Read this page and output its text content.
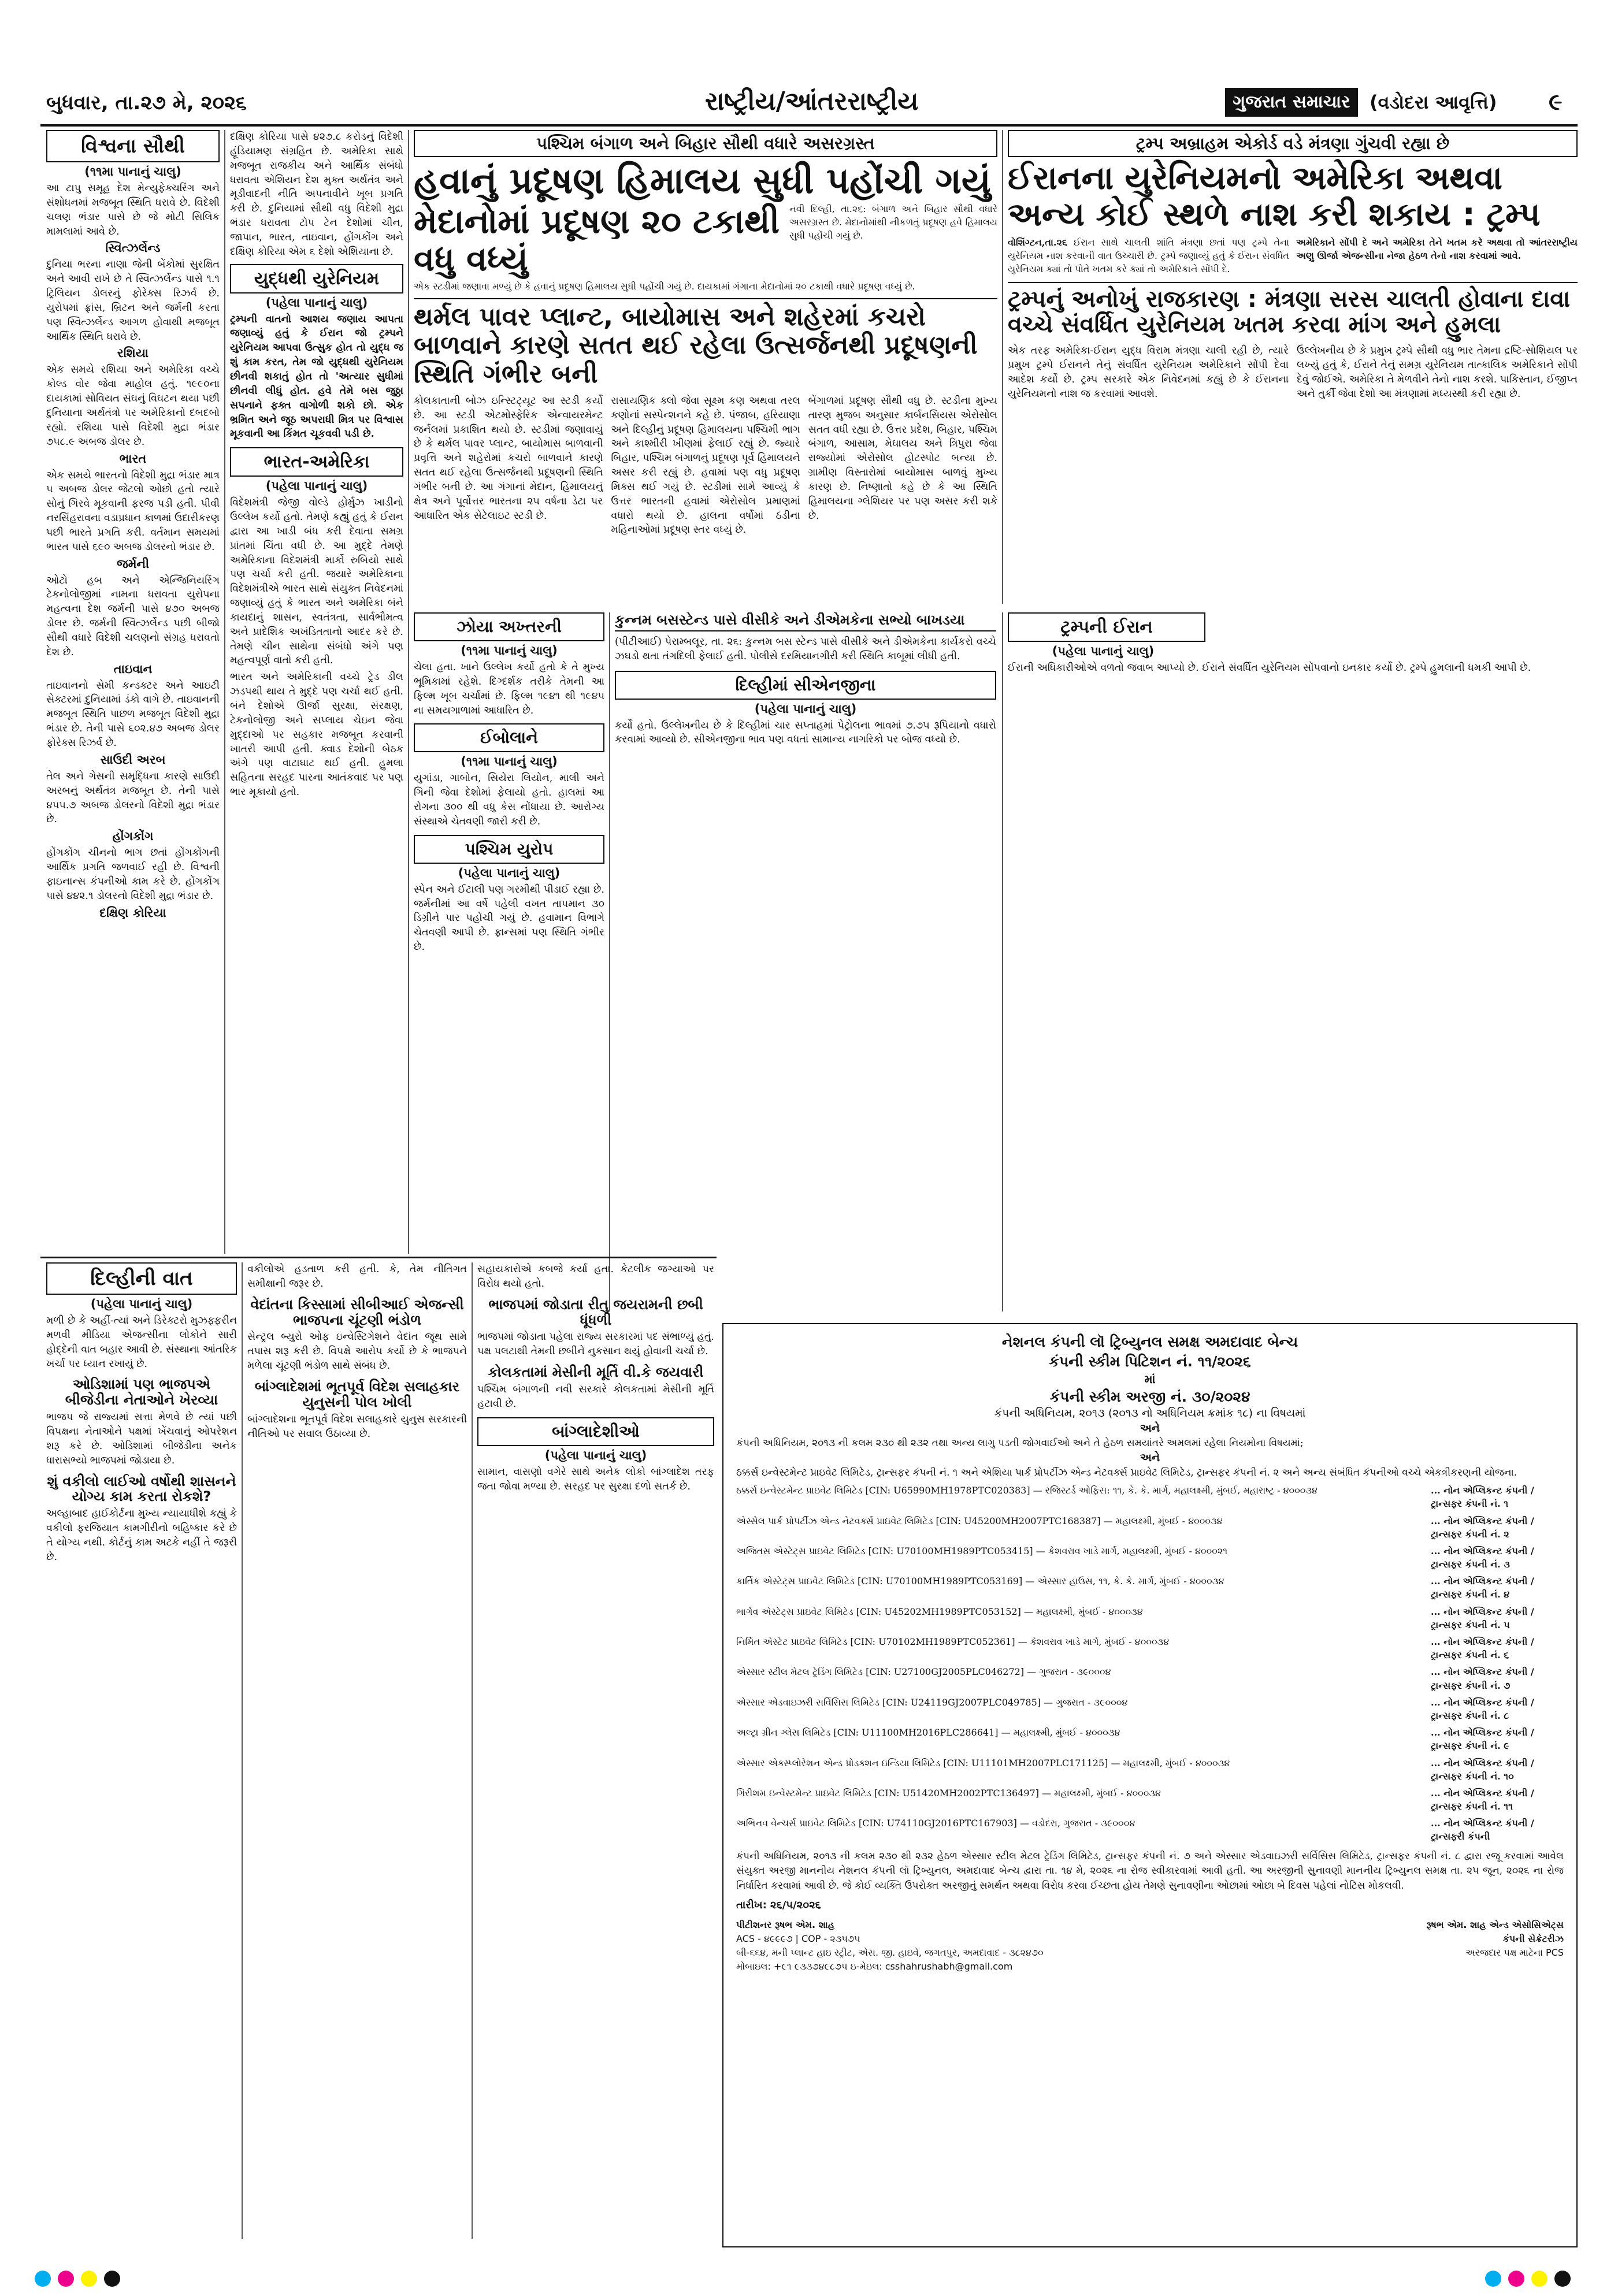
બુધવાર, તા.૨૭ મે, ૨૦૨૬	રાષ્ટ્રીય/આંતરરાષ્ટ્રીય	ગુજરાત સમાચાર	(વડોદરા આવૃત્તિ) ૯
વિશ્વના સૌથી
(૧૧મા પાનાનું ચાલુ)

આ ટાપુ સમૂહ દેશ મેન્યુફેક્ચરિંગ અને સંશોધનમાં મજબૂત સ્થિતિ ધરાવે છે. વિદેશી ચલણ ભંડાર પાસે છે જે મોટી સિલિક મામલામાં આવે છે.

સ્વિત્ઝર્લેન્ડ

દુનિયા ભરના નાણા જેની બેંકોમાં સુરક્ષિત અને આવી રાખે છે તે સ્વિત્ઝર્લેન્ડ પાસે ૧.૧ ટ્રિલિયન ડોલરનું ફોરેક્સ રિઝર્વ છે. યુરોપમાં ફ્રાંસ, બ્રિટન અને જર્મની કરતા પણ સ્વિત્ઝર્લેન્ડ આગળ હોવાથી મજબૂત આર્થિક સ્થિતિ ધરાવે છે.

રશિયા

એક સમયે રશિયા અને અમેરિકા વચ્ચે કોલ્ડ વોર જેવા માહોલ હતું. ૧૯૯૦ના દાયકામાં સોવિયત સંઘનું વિઘટન થયા પછી દુનિયાના અર્થતંત્રો પર અમેરિકાનો દબદબો રહ્યો. રશિયા પાસે વિદેશી મુદ્રા ભંડાર ૭૫૮.૯ અબજ ડોલર છે.

ભારત

એક સમયે ભારતનો વિદેશી મુદ્રા ભંડાર માત્ર ૫ અબજ ડોલર જેટલો ઓછો હતો ત્યારે સોનું ગિરવે મૂકવાની ફરજ પડી હતી. પીવી નરસિંહરાવના વડાપ્રધાન કાળમાં ઉદારીકરણ પછી ભારતે પ્રગતિ કરી. વર્તમાન સમયમાં ભારત પાસે ૬૯૦ અબજ ડોલરનો ભંડાર છે.

જર્મની

ઓટો હબ અને એન્જિનિયરિંગ ટેકનોલોજીમાં નામના ધરાવતા યુરોપના મહત્વના દેશ જર્મની પાસે ૪૭૦ અબજ ડોલર છે. જર્મની સ્વિત્ઝર્લેન્ડ પછી બીજો સૌથી વધારે વિદેશી ચલણનો સંગ્રહ ધરાવતો દેશ છે.

તાઇવાન

તાઇવાનનો સેમી કન્ડક્ટર અને આઇટી સેક્ટરમાં દુનિયામાં ડંકો વાગે છે. તાઇવાનની મજબૂત સ્થિતિ પાછળ મજબૂત વિદેશી મુદ્રા ભંડાર છે. તેની પાસે ૬૦૨.૪૭ અબજ ડોલર ફોરેક્સ રિઝર્વ છે.

સાઉદી અરબ

તેલ અને ગેસની સમૃદ્ધિના કારણે સાઉદી અરબનું અર્થતંત્ર મજબૂત છે. તેની પાસે ૪૫૫.૭ અબજ ડોલરનો વિદેશી મુદ્રા ભંડાર છે.

હોંગકોંગ

હોંગકોંગ ચીનનો ભાગ છતાં હોંગકોંગની આર્થિક પ્રગતિ જળવાઈ રહી છે. વિશ્વની ફાઇનાન્સ કંપનીઓ કામ કરે છે. હોંગકોંગ પાસે ૪૪૨.૧ ડોલરનો વિદેશી મુદ્રા ભંડાર છે.

દક્ષિણ કોરિયા

દક્ષિણ કોરિયા પાસે ૪૨૭.૮ કરોડનું વિદેશી હૂંડિયામણ સંગ્રહિત છે. અમેરિકા સાથે મજબૂત રાજકીય અને આર્થિક સંબંધો ધરાવતા એશિયન દેશ મુક્ત અર્થતંત્ર અને મૂડીવાદની નીતિ અપનાવીને ખૂબ પ્રગતિ કરી છે. દુનિયામાં સૌથી વધુ વિદેશી મુદ્રા ભંડાર ધરાવતા ટોપ ટેન દેશોમાં ચીન, જાપાન, ભારત, તાઇવાન, હોંગકોંગ અને દક્ષિણ કોરિયા એમ ૬ દેશો એશિયાના છે.

યુદ્ધથી યુરેનિયમ
(પહેલા પાનાનું ચાલુ)

ટ્રમ્પની વાતનો આશય જણાય આપતા જણાવ્યું હતું કે ઈરાન જો ટ્રમ્પને યુરેનિયમ આપવા ઉત્સુક હોત તો યુદ્ધ જ શું કામ કરત, તેમ જો યુદ્ધથી યુરેનિયમ છીનવી શકાતું હોત તો 'અત્યાર સુધીમાં છીનવી લીધું હોત. હવે તેમે બસ જુઠ્ઠા સપનાને ફક્ત વાગોળી શકો છો. એક ભ્રમિત અને જૂઠ અપરાધી મિત્ર પર વિશ્વાસ મૂકવાની આ કિંમત ચૂકવવી પડી છે.

ભારત-અમેરિકા
(પહેલા પાનાનું ચાલુ)

વિદેશમંત્રી જેજી વોલ્ડે હોર્મુઝ ખાડીનો ઉલ્લેખ કર્યો હતો. તેમણે કહ્યું હતું કે ઈરાન દ્વારા આ ખાડી બંધ કરી દેવાતા સમગ્ર પ્રાંતમાં ચિંતા વધી છે. આ મુદ્દે તેમણે અમેરિકાના વિદેશમંત્રી માર્કો રુબિયો સાથે પણ ચર્ચા કરી હતી. જયારે અમેરિકાના વિદેશમંત્રીએ ભારત સાથે સંયુક્ત નિવેદનમાં જણાવ્યું હતું કે ભારત અને અમેરિકા બંને કાયદાનું શાસન, સ્વતંત્રતા, સાર્વભૌમત્વ અને પ્રાદેશિક અખંડિતતાનો આદર કરે છે. તેમણે ચીન સાથેના સંબંધો અંગે પણ મહત્વપૂર્ણ વાતો કરી હતી.

ભારત અને અમેરિકાની વચ્ચે ટ્રેડ ડીલ ઝડપથી થાય તે મુદ્દે પણ ચર્ચા થઈ હતી. બંને દેશોએ ઊર્જા સુરક્ષા, સંરક્ષણ, ટેકનોલોજી અને સપ્લાય ચેઇન જેવા મુદ્દાઓ પર સહકાર મજબૂત કરવાની ખાતરી આપી હતી. ક્વાડ દેશોની બેઠક અંગે પણ વાટાઘાટ થઈ હતી. હુમલા સહિતના સરહદ પારના આતંકવાદ પર પણ ભાર મૂકાયો હતો.

પશ્ચિમ બંગાળ અને બિહાર સૌથી વધારે અસરગ્રસ્ત
હવાનું પ્રદૂષણ હિમાલય સુધી પહોંચી ગયું
મેદાનોમાં પ્રદૂષણ ૨૦ ટકાથી વધુ વધ્યું
નવી દિલ્હી, તા.૨૬: બંગાળ અને બિહાર સૌથી વધારે અસરગ્રસ્ત છે. મેદાનોમાંથી નીકળતું પ્રદૂષણ હવે હિમાલય સુધી પહોંચી ગયું છે.
એક સ્ટડીમાં જણાવા મળ્યું છે કે હવાનું પ્રદૂષણ હિમાલય સુધી પહોંચી ગયું છે. દાયકામાં ગંગાના મેદાનોમાં ૨૦ ટકાથી વધારે પ્રદૂષણ વધ્યું છે.
થર્મલ પાવર પ્લાન્ટ, બાયોમાસ અને શહેરમાં કચરો બાળવાને કારણે સતત થઈ રહેલા ઉત્સર્જનથી પ્રદૂષણની સ્થિતિ ગંભીર બની

કોલકાતાની બોઝ ઇન્સ્ટિટ્યૂટ આ સ્ટડી કર્યો છે. આ સ્ટડી એટમોસ્ફેરિક એન્વાયરમેન્ટ જર્નલમાં પ્રકાશિત થયો છે. સ્ટડીમાં જણાવાયું છે કે થર્મલ પાવર પ્લાન્ટ, બાયોમાસ બાળવાની પ્રવૃત્તિ અને શહેરોમાં કચરો બાળવાને કારણે સતત થઈ રહેલા ઉત્સર્જનથી પ્રદૂષણની સ્થિતિ ગંભીર બની છે. આ ગંગાનાં મેદાન, હિમાલયનું ક્ષેત્ર અને પૂર્વોત્તર ભારતના ૨૫ વર્ષના ડેટા પર આધારિત એક સેટેલાઇટ સ્ટડી છે.

રાસાયણિક ક્લો જેવા સૂક્ષ્મ કણ અથવા તરલ કણોનાં સસ્પેન્શનને કહે છે. પંજાબ, હરિયાણા અને દિલ્હીનું પ્રદૂષણ હિમાલયના પશ્ચિમી ભાગ અને કાશ્મીરી ખીણમાં ફેલાઈ રહ્યું છે. જ્યારે બિહાર, પશ્ચિમ બંગાળનું પ્રદૂષણ પૂર્વ હિમાલયને અસર કરી રહ્યું છે. હવામાં પણ વધુ પ્રદૂષણ મિક્સ થઈ ગયું છે. સ્ટડીમાં સામે આવ્યું કે ઉત્તર ભારતની હવામાં એરોસોલ પ્રમાણમાં વધારો થયો છે. હાલના વર્ષોમાં ઠંડીના મહિનાઓમાં પ્રદૂષણ સ્તર વધ્યું છે.

બેંગાળમાં પ્રદૂષણ સૌથી વધુ છે. સ્ટડીના મુખ્ય તારણ મુજબ અનુસાર કાર્બનસિયસ એરોસોલ સતત વધી રહ્યા છે. ઉત્તર પ્રદેશ, બિહાર, પશ્ચિમ બંગાળ, આસામ, મેઘાલય અને ત્રિપુરા જેવા રાજ્યોમાં એરોસોલ હોટસ્પોટ બન્યા છે. ગ્રામીણ વિસ્તારોમાં બાયોમાસ બાળવું મુખ્ય કારણ છે. નિષ્ણાતો કહે છે કે આ સ્થિતિ હિમાલયના ગ્લેશિયર પર પણ અસર કરી શકે છે.

ટ્રમ્પ અબ્રાહમ એકોર્ડ વડે મંત્રણા ગુંચવી રહ્યા છે
ઈરાનના યુરેનિયમનો અમેરિકા અથવા
અન્ય કોઈ સ્થળે નાશ કરી શકાય : ટ્રમ્પ
વોશિંગ્ટન,તા.૨૬ ઈરાન સાથે ચાલતી શાંતિ મંત્રણા છતાં પણ ટ્રમ્પે તેના યુરેનિયમ નાશ કરવાની વાત ઉચ્ચારી છે. ટ્રમ્પે જણાવ્યું હતું કે ઈરાન સંવર્ધિત યુરેનિયમ ક્યાં તો પોતે ખતમ કરે ક્યાં તો અમેરિકાને સોંપી દે.
અમેરિકાને સોંપી દે અને અમેરિકા તેને ખતમ કરે અથવા તો આંતરરાષ્ટ્રીય અણુ ઊર્જા એજન્સીના નેજા હેઠળ તેનો નાશ કરવામાં આવે.
ટ્રમ્પનું અનોખું રાજકારણ : મંત્રણા સરસ ચાલતી હોવાના દાવા વચ્ચે સંવર્ધિત યુરેનિયમ ખતમ કરવા માંગ અને હુમલા

એક તરફ અમેરિકા-ઈરાન યુદ્ધ વિરામ મંત્રણા ચાલી રહી છે, ત્યારે પ્રમુખ ટ્રમ્પે ઈરાનને તેનું સંવર્ધિત યુરેનિયમ અમેરિકાને સોંપી દેવા આદેશ કર્યો છે. ટ્રમ્પ સરકારે એક નિવેદનમાં કહ્યું છે કે ઈરાનના યુરેનિયમનો નાશ જ કરવામાં આવશે.

ઉલ્લેખનીય છે કે પ્રમુખ ટ્રમ્પે સૌથી વધુ ભાર તેમના દ્રષ્ટિ-સોશિયલ પર લખ્યું હતું કે, ઈરાને તેનું સમગ્ર યુરેનિયમ તાત્કાલિક અમેરિકાને સોંપી દેવું જોઈએ. અમેરિકા તે મેળવીને તેનો નાશ કરશે. પાકિસ્તાન, ઈજીપ્ત અને તુર્કી જેવા દેશો આ મંત્રણામાં મધ્યસ્થી કરી રહ્યા છે.

ઝોયા અખ્તરની
(૧૧મા પાનાનું ચાલુ)

ચેલા હતા. ખાને ઉલ્લેખ કર્યો હતો કે તે મુખ્ય ભૂમિકામાં રહેશે. દિગ્દર્શક તરીકે તેમની આ ફિલ્મ ખૂબ ચર્ચામાં છે. ફિલ્મ ૧૯૪૧ થી ૧૯૪૫ ના સમયગાળામાં આધારિત છે.

ઈબોલાને
(૧૧મા પાનાનું ચાલુ)

યુગાંડા, ગાબોન, સિયેરા લિયોન, માલી અને ગિની જેવા દેશોમાં ફેલાયો હતો. હાલમાં આ રોગના ૩૦૦ થી વધુ કેસ નોંધાયા છે. આરોગ્ય સંસ્થાએ ચેતવણી જારી કરી છે.

પશ્ચિમ યુરોપ
(પહેલા પાનાનું ચાલુ)

સ્પેન અને ઈટાલી પણ ગરમીથી પીડાઈ રહ્યા છે. જર્મનીમાં આ વર્ષે પહેલી વખત તાપમાન ૩૦ ડિગ્રીને પાર પહોંચી ગયું છે. હવામાન વિભાગે ચેતવણી આપી છે. ફ્રાન્સમાં પણ સ્થિતિ ગંભીર છે.

કુન્નમ બસસ્ટેન્ડ પાસે વીસીકે અને ડીએમકેના સભ્યો બાખડયા

(પીટીઆઈ) પેરામ્બલૂર, તા. ૨૬: કુન્નમ બસ સ્ટેન્ડ પાસે વીસીકે અને ડીએમકેના કાર્યકરો વચ્ચે ઝઘડો થતા તંગદિલી ફેલાઈ હતી. પોલીસે દરમિયાનગીરી કરી સ્થિતિ કાબૂમાં લીધી હતી.

દિલ્હીમાં સીએનજીના
(પહેલા પાનાનું ચાલુ)

કર્યો હતો. ઉલ્લેખનીય છે કે દિલ્હીમાં ચાર સપ્તાહમાં પેટ્રોલના ભાવમાં ૭.૭૫ રૂપિયાનો વધારો કરવામાં આવ્યો છે. સીએનજીના ભાવ પણ વધતાં સામાન્ય નાગરિકો પર બોજ વધ્યો છે.

ટ્રમ્પની ઈરાન
(પહેલા પાનાનું ચાલુ)

ઈરાની અધિકારીઓએ વળતો જવાબ આપ્યો છે. ઈરાને સંવર્ધિત યુરેનિયમ સોંપવાનો ઇનકાર કર્યો છે. ટ્રમ્પે હુમલાની ધમકી આપી છે.

દિલ્હીની વાત
(પહેલા પાનાનું ચાલુ)

મળી છે કે અહીં-ત્યાં અને ડિરેક્ટરો મુઝફ્ફરીન મળવી મીડિયા એજન્સીના લોકોને સારી હોદ્દેની વાત બહાર આવી છે. સંસ્થાના આંતરિક ખર્ચા પર ધ્યાન રખાયું છે.

ઓડિશામાં પણ ભાજપએ બીજેડીના નેતાઓને ખેરવ્યા

ભાજપ જે રાજ્યમાં સત્તા મેળવે છે ત્યાં પછી વિપક્ષના નેતાઓને પક્ષમાં ખેંચવાનું ઓપરેશન શરૂ કરે છે. ઓડિશામાં બીજેડીના અનેક ધારાસભ્યો ભાજપમાં જોડાયા છે.

શું વકીલો લાઈઓ વર્ષોથી શાસનને યોગ્ય કામ કરતા રોકશે?

અલ્હાબાદ હાઈકોર્ટના મુખ્ય ન્યાયાધીશે કહ્યું કે વકીલો ફરજિયાત કામગીરીનો બહિષ્કાર કરે છે તે યોગ્ય નથી. કોર્ટનું કામ અટકે નહીં તે જરૂરી છે.

વકીલોએ હડતાળ કરી હતી. કે, તેમ નીતિગત સમીક્ષાની જરૂર છે.

વેદાંતના કિસ્સામાં સીબીઆઈ એજન્સી ભાજપના ચૂંટણી ભંડોળ

સેન્ટ્રલ બ્યુરો ઓફ ઇન્વેસ્ટિગેશને વેદાંત જૂથ સામે તપાસ શરૂ કરી છે. વિપક્ષે આરોપ કર્યો છે કે ભાજપને મળેલા ચૂંટણી ભંડોળ સાથે સંબંધ છે.

બાંગ્લાદેશમાં ભૂતપૂર્વ વિદેશ સલાહકાર યુનુસની પોલ ખોલી

બાંગ્લાદેશના ભૂતપૂર્વ વિદેશ સલાહકારે યુનુસ સરકારની નીતિઓ પર સવાલ ઉઠાવ્યા છે.

સહાયકારોએ કબજે કર્યા હતા. કેટલીક જગ્યાઓ પર વિરોધ થયો હતો.

ભાજપમાં જોડાતા રીતુ જયરામની છબી ધૂંધળી

ભાજપમાં જોડાતા પહેલા રાજ્ય સરકારમાં પદ સંભાળ્યું હતું. પક્ષ પલટાથી તેમની છબીને નુકસાન થયું હોવાની ચર્ચા છે.

કોલકતામાં મેસીની મૂર્તિ વી.કે જયવારી

પશ્ચિમ બંગાળની નવી સરકારે કોલકતામાં મેસીની મૂર્તિ હટાવી છે.

બાંગ્લાદેશીઓ
(પહેલા પાનાનું ચાલુ)

સામાન, વાસણો વગેરે સાથે અનેક લોકો બાંગ્લાદેશ તરફ જતા જોવા મળ્યા છે. સરહદ પર સુરક્ષા દળો સતર્ક છે.

નેશનલ કંપની લૉ ટ્રિબ્યુનલ સમક્ષ અમદાવાદ બેન્ચ
કંપની સ્કીમ પિટિશન નં. ૧૧/૨૦૨૬
માં
કંપની સ્કીમ અરજી નં. ૩૦/૨૦૨૪
કંપની અધિનિયમ, ૨૦૧૩ (૨૦૧૩ નો અધિનિયમ ક્રમાંક ૧૮) ના વિષયમાં
અને
કંપની અધિનિયમ, ૨૦૧૩ ની કલમ ૨૩૦ થી ૨૩૨ તથા અન્ય લાગુ પડતી જોગવાઈઓ અને તે હેઠળ સમયાંતરે અમલમાં રહેલા નિયમોના વિષયમાં;
અને
ઠક્કર્સ ઇન્વેસ્ટમેન્ટ પ્રાઇવેટ લિમિટેડ, ટ્રાન્સફર કંપની નં. ૧ અને એશિયા પાર્ક પ્રોપર્ટીઝ એન્ડ નેટવર્ક્સ પ્રાઇવેટ લિમિટેડ, ટ્રાન્સફર કંપની નં. ૨ અને અન્ય સંબંધિત કંપનીઓ વચ્ચે એકત્રીકરણની યોજના.
ઠક્કર્સ ઇન્વેસ્ટમેન્ટ પ્રાઇવેટ લિમિટેડ [CIN: U65990MH1978PTC020383] — રજિસ્ટર્ડ ઓફિસ: ૧૧, કે. કે. માર્ગ, મહાલક્ષ્મી, મુંબઈ, મહારાષ્ટ્ર - ૪૦૦૦૩૪	... નોન એપ્લિકન્ટ કંપની / ટ્રાન્સફર કંપની નં. ૧
એસ્સેલ પાર્ક પ્રોપર્ટીઝ એન્ડ નેટવર્ક્સ પ્રાઇવેટ લિમિટેડ [CIN: U45200MH2007PTC168387] — મહાલક્ષ્મી, મુંબઈ - ૪૦૦૦૩૪	... નોન એપ્લિકન્ટ કંપની / ટ્રાન્સફર કંપની નં. ૨
અજિતસ એસ્ટેટ્સ પ્રાઇવેટ લિમિટેડ [CIN: U70100MH1989PTC053415] — કેશવરાવ ખાડે માર્ગ, મહાલક્ષ્મી, મુંબઈ - ૪૦૦૦૨૧	... નોન એપ્લિકન્ટ કંપની / ટ્રાન્સફર કંપની નં. ૩
કાર્તિક એસ્ટેટ્સ પ્રાઇવેટ લિમિટેડ [CIN: U70100MH1989PTC053169] — એસ્સાર હાઉસ, ૧૧, કે. કે. માર્ગ, મુંબઈ - ૪૦૦૦૩૪	... નોન એપ્લિકન્ટ કંપની / ટ્રાન્સફર કંપની નં. ૪
ભાર્ગવ એસ્ટેટ્સ પ્રાઇવેટ લિમિટેડ [CIN: U45202MH1989PTC053152] — મહાલક્ષ્મી, મુંબઈ - ૪૦૦૦૩૪	... નોન એપ્લિકન્ટ કંપની / ટ્રાન્સફર કંપની નં. ૫
નિર્મિત એસ્ટેટ પ્રાઇવેટ લિમિટેડ [CIN: U70102MH1989PTC052361] — કેશવરાવ ખાડે માર્ગ, મુંબઈ - ૪૦૦૦૩૪	... નોન એપ્લિકન્ટ કંપની / ટ્રાન્સફર કંપની નં. ૬
એસ્સાર સ્ટીલ મેટલ ટ્રેડિંગ લિમિટેડ [CIN: U27100GJ2005PLC046272] — ગુજરાત - ૩૯૦૦૦૪	... નોન એપ્લિકન્ટ કંપની / ટ્રાન્સફર કંપની નં. ૭
એસ્સાર એડવાઇઝરી સર્વિસિસ લિમિટેડ [CIN: U24119GJ2007PLC049785] — ગુજરાત - ૩૯૦૦૦૪	... નોન એપ્લિકન્ટ કંપની / ટ્રાન્સફર કંપની નં. ૮
અલ્ટ્રા ગ્રીન ગ્લેસ લિમિટેડ [CIN: U11100MH2016PLC286641] — મહાલક્ષ્મી, મુંબઈ - ૪૦૦૦૩૪	... નોન એપ્લિકન્ટ કંપની / ટ્રાન્સફર કંપની નં. ૯
એસ્સાર એક્સ્પ્લોરેશન એન્ડ પ્રોડક્શન ઇન્ડિયા લિમિટેડ [CIN: U11101MH2007PLC171125] — મહાલક્ષ્મી, મુંબઈ - ૪૦૦૦૩૪	... નોન એપ્લિકન્ટ કંપની / ટ્રાન્સફર કંપની નં. ૧૦
ગિરીશમ ઇન્વેસ્ટમેન્ટ પ્રાઇવેટ લિમિટેડ [CIN: U51420MH2002PTC136497] — મહાલક્ષ્મી, મુંબઈ - ૪૦૦૦૩૪	... નોન એપ્લિકન્ટ કંપની / ટ્રાન્સફર કંપની નં. ૧૧
અભિનવ વેન્ચર્સ પ્રાઇવેટ લિમિટેડ [CIN: U74110GJ2016PTC167903] — વડોદરા, ગુજરાત - ૩૯૦૦૦૪	... નોન એપ્લિકન્ટ કંપની / ટ્રાન્સફરી કંપની
કંપની અધિનિયમ, ૨૦૧૩ ની કલમ ૨૩૦ થી ૨૩૨ હેઠળ એસ્સાર સ્ટીલ મેટલ ટ્રેડિંગ લિમિટેડ, ટ્રાન્સફર કંપની નં. ૭ અને એસ્સાર એડવાઇઝરી સર્વિસિસ લિમિટેડ, ટ્રાન્સફર કંપની નં. ૮ દ્વારા રજૂ કરવામાં આવેલ સંયુક્ત અરજી માનનીય નેશનલ કંપની લૉ ટ્રિબ્યુનલ, અમદાવાદ બેન્ચ દ્વારા તા. ૧૪ મે, ૨૦૨૬ ના રોજ સ્વીકારવામાં આવી હતી. આ અરજીની સુનાવણી માનનીય ટ્રિબ્યુનલ સમક્ષ તા. ૨૫ જૂન, ૨૦૨૬ ના રોજ નિર્ધારિત કરવામાં આવી છે. જે કોઈ વ્યક્તિ ઉપરોક્ત અરજીનું સમર્થન અથવા વિરોધ કરવા ઈચ્છતા હોય તેમણે સુનાવણીના ઓછામાં ઓછા બે દિવસ પહેલાં નોટિસ મોકલવી.
તારીખ: ૨૬/૫/૨૦૨૬
પીટીશનર રૂષભ એમ. શાહ
ACS - ૪૯૯૯૭ | COP - ૨૩૫૭૫
બી-૬૬૪, મની પ્લાન્ટ હાઇ સ્ટ્રીટ, એસ. જી. હાઇવે, જગતપુર, અમદાવાદ - ૩૮૨૪૭૦
મોબાઇલ: +૯૧ ૯૩૩૭૪૯૮૭૫ ઇ-મેઇલ: csshahrushabh@gmail.com
રૂષભ એમ. શાહ એન્ડ એસોસિએટ્સ
કંપની સેક્રેટરીઝ
અરજદાર પક્ષ માટેના PCS
